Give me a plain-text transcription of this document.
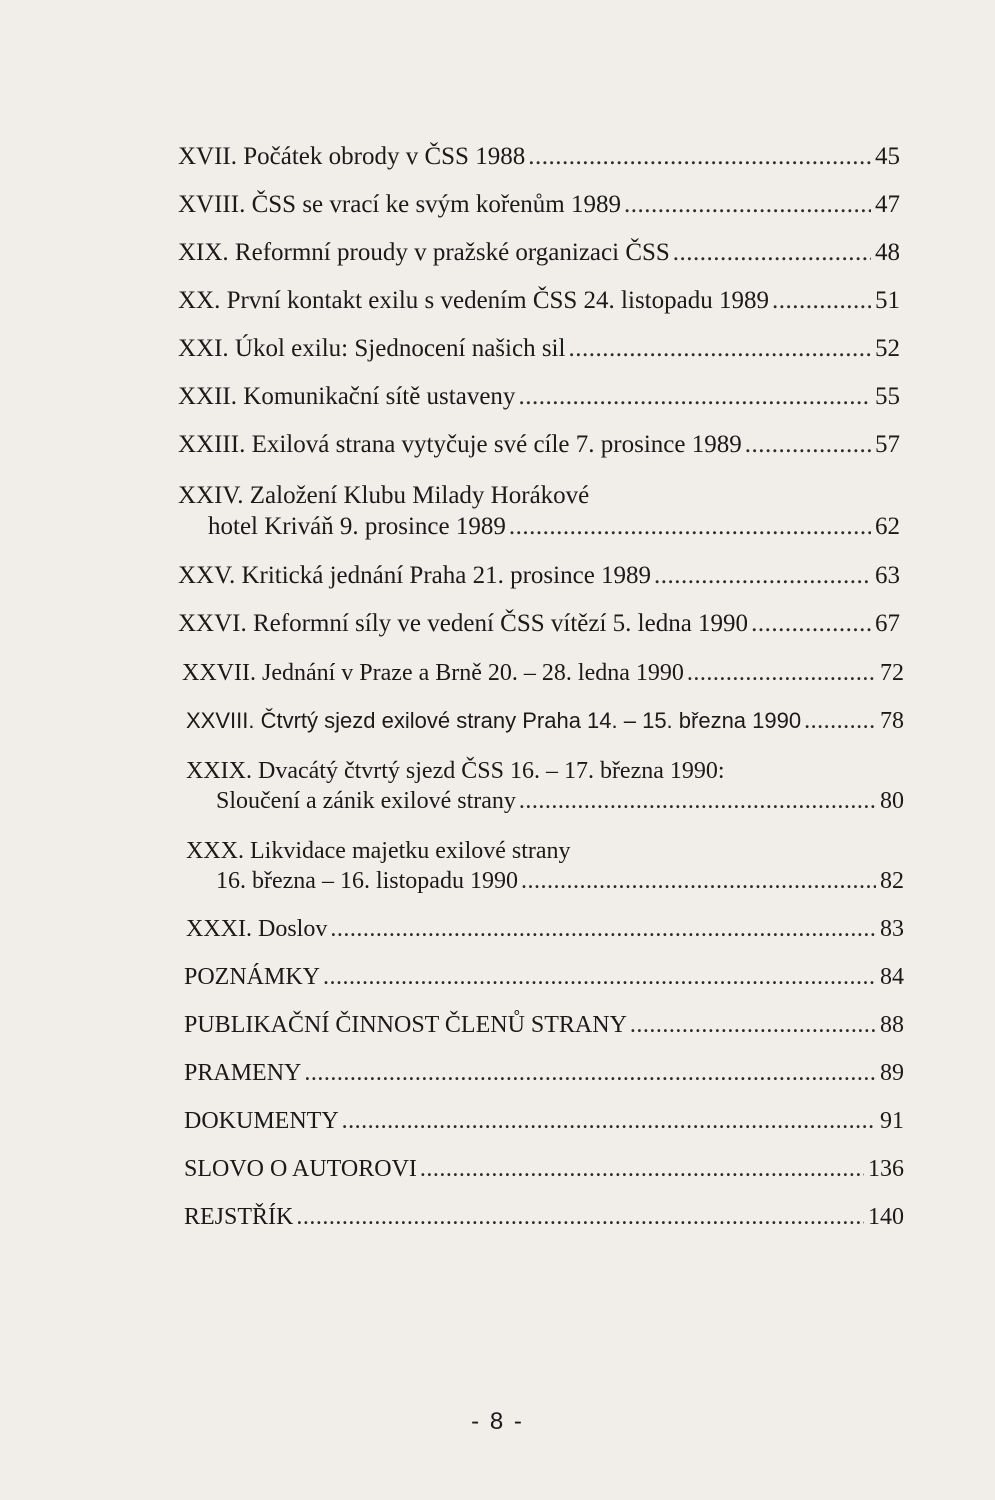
XVII. Počátek obrody v ČSS 1988 .....	45
XVIII. ČSS se vrací ke svým kořenům 1989 .....	47
XIX. Reformní proudy v pražské organizaci ČSS .....	48
XX. První kontakt exilu s vedením ČSS 24. listopadu 1989 .....	51
XXI. Úkol exilu: Sjednocení našich sil .....	52
XXII. Komunikační sítě ustaveny .....	55
XXIII. Exilová strana vytyčuje své cíle 7. prosince 1989 .....	57
XXIV. Založení Klubu Milady Horákové
hotel Kriváň 9. prosince 1989 .....	62
XXV. Kritická jednání Praha 21. prosince 1989 .....	63
XXVI. Reformní síly ve vedení ČSS vítězí 5. ledna 1990 .....	67
XXVII. Jednání v Praze a Brně 20. – 28. ledna 1990 .....	72
XXVIII. Čtvrtý sjezd exilové strany Praha 14. – 15. března 1990 .....	78
XXIX. Dvacátý čtvrtý sjezd ČSS 16. – 17. března 1990:
Sloučení a zánik exilové strany .....	80
XXX. Likvidace majetku exilové strany
16. března – 16. listopadu 1990 .....	82
XXXI. Doslov .....	83
POZNÁMKY .....	84
PUBLIKAČNÍ ČINNOST ČLENŮ STRANY .....	88
PRAMENY .....	89
DOKUMENTY .....	91
SLOVO O AUTOROVI .....	136
REJSTŘÍK .....	140
- 8 -
